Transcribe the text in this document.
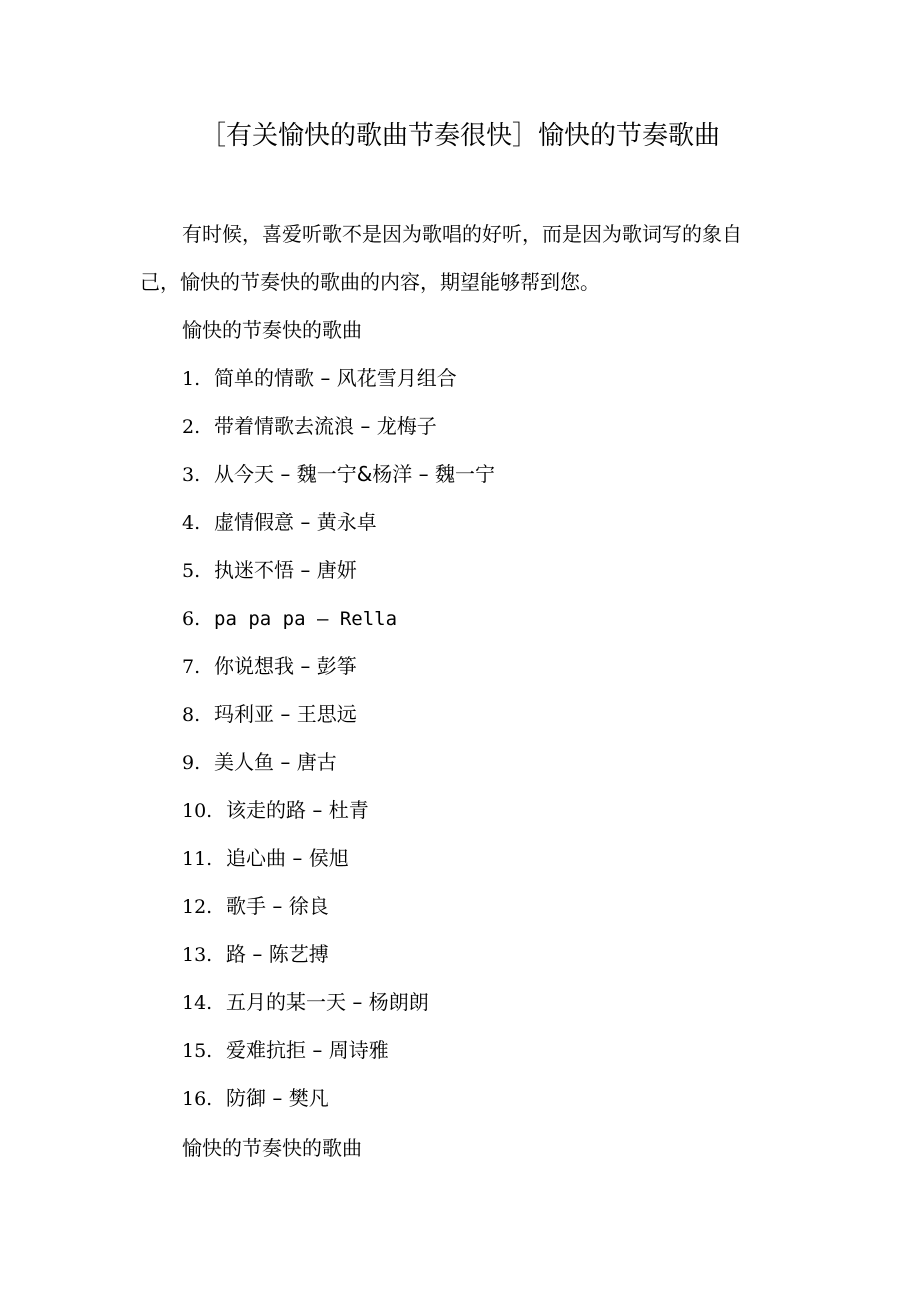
［有关愉快的歌曲节奏很快］愉快的节奏歌曲

有时候，喜爱听歌不是因为歌唱的好听，而是因为歌词写的象自己，愉快的节奏快的歌曲的内容，期望能够帮到您。

愉快的节奏快的歌曲
1. 简单的情歌 – 风花雪月组合
2. 带着情歌去流浪 – 龙梅子
3. 从今天 – 魏一宁&杨洋 – 魏一宁
4. 虚情假意 – 黄永卓
5. 执迷不悟 – 唐妍
6. pa pa pa – Rella
7. 你说想我 – 彭筝
8. 玛利亚 – 王思远
9. 美人鱼 – 唐古
10. 该走的路 – 杜青
11. 追心曲 – 侯旭
12. 歌手 – 徐良
13. 路 – 陈艺搏
14. 五月的某一天 – 杨朗朗
15. 爱难抗拒 – 周诗雅
16. 防御 – 樊凡
愉快的节奏快的歌曲
